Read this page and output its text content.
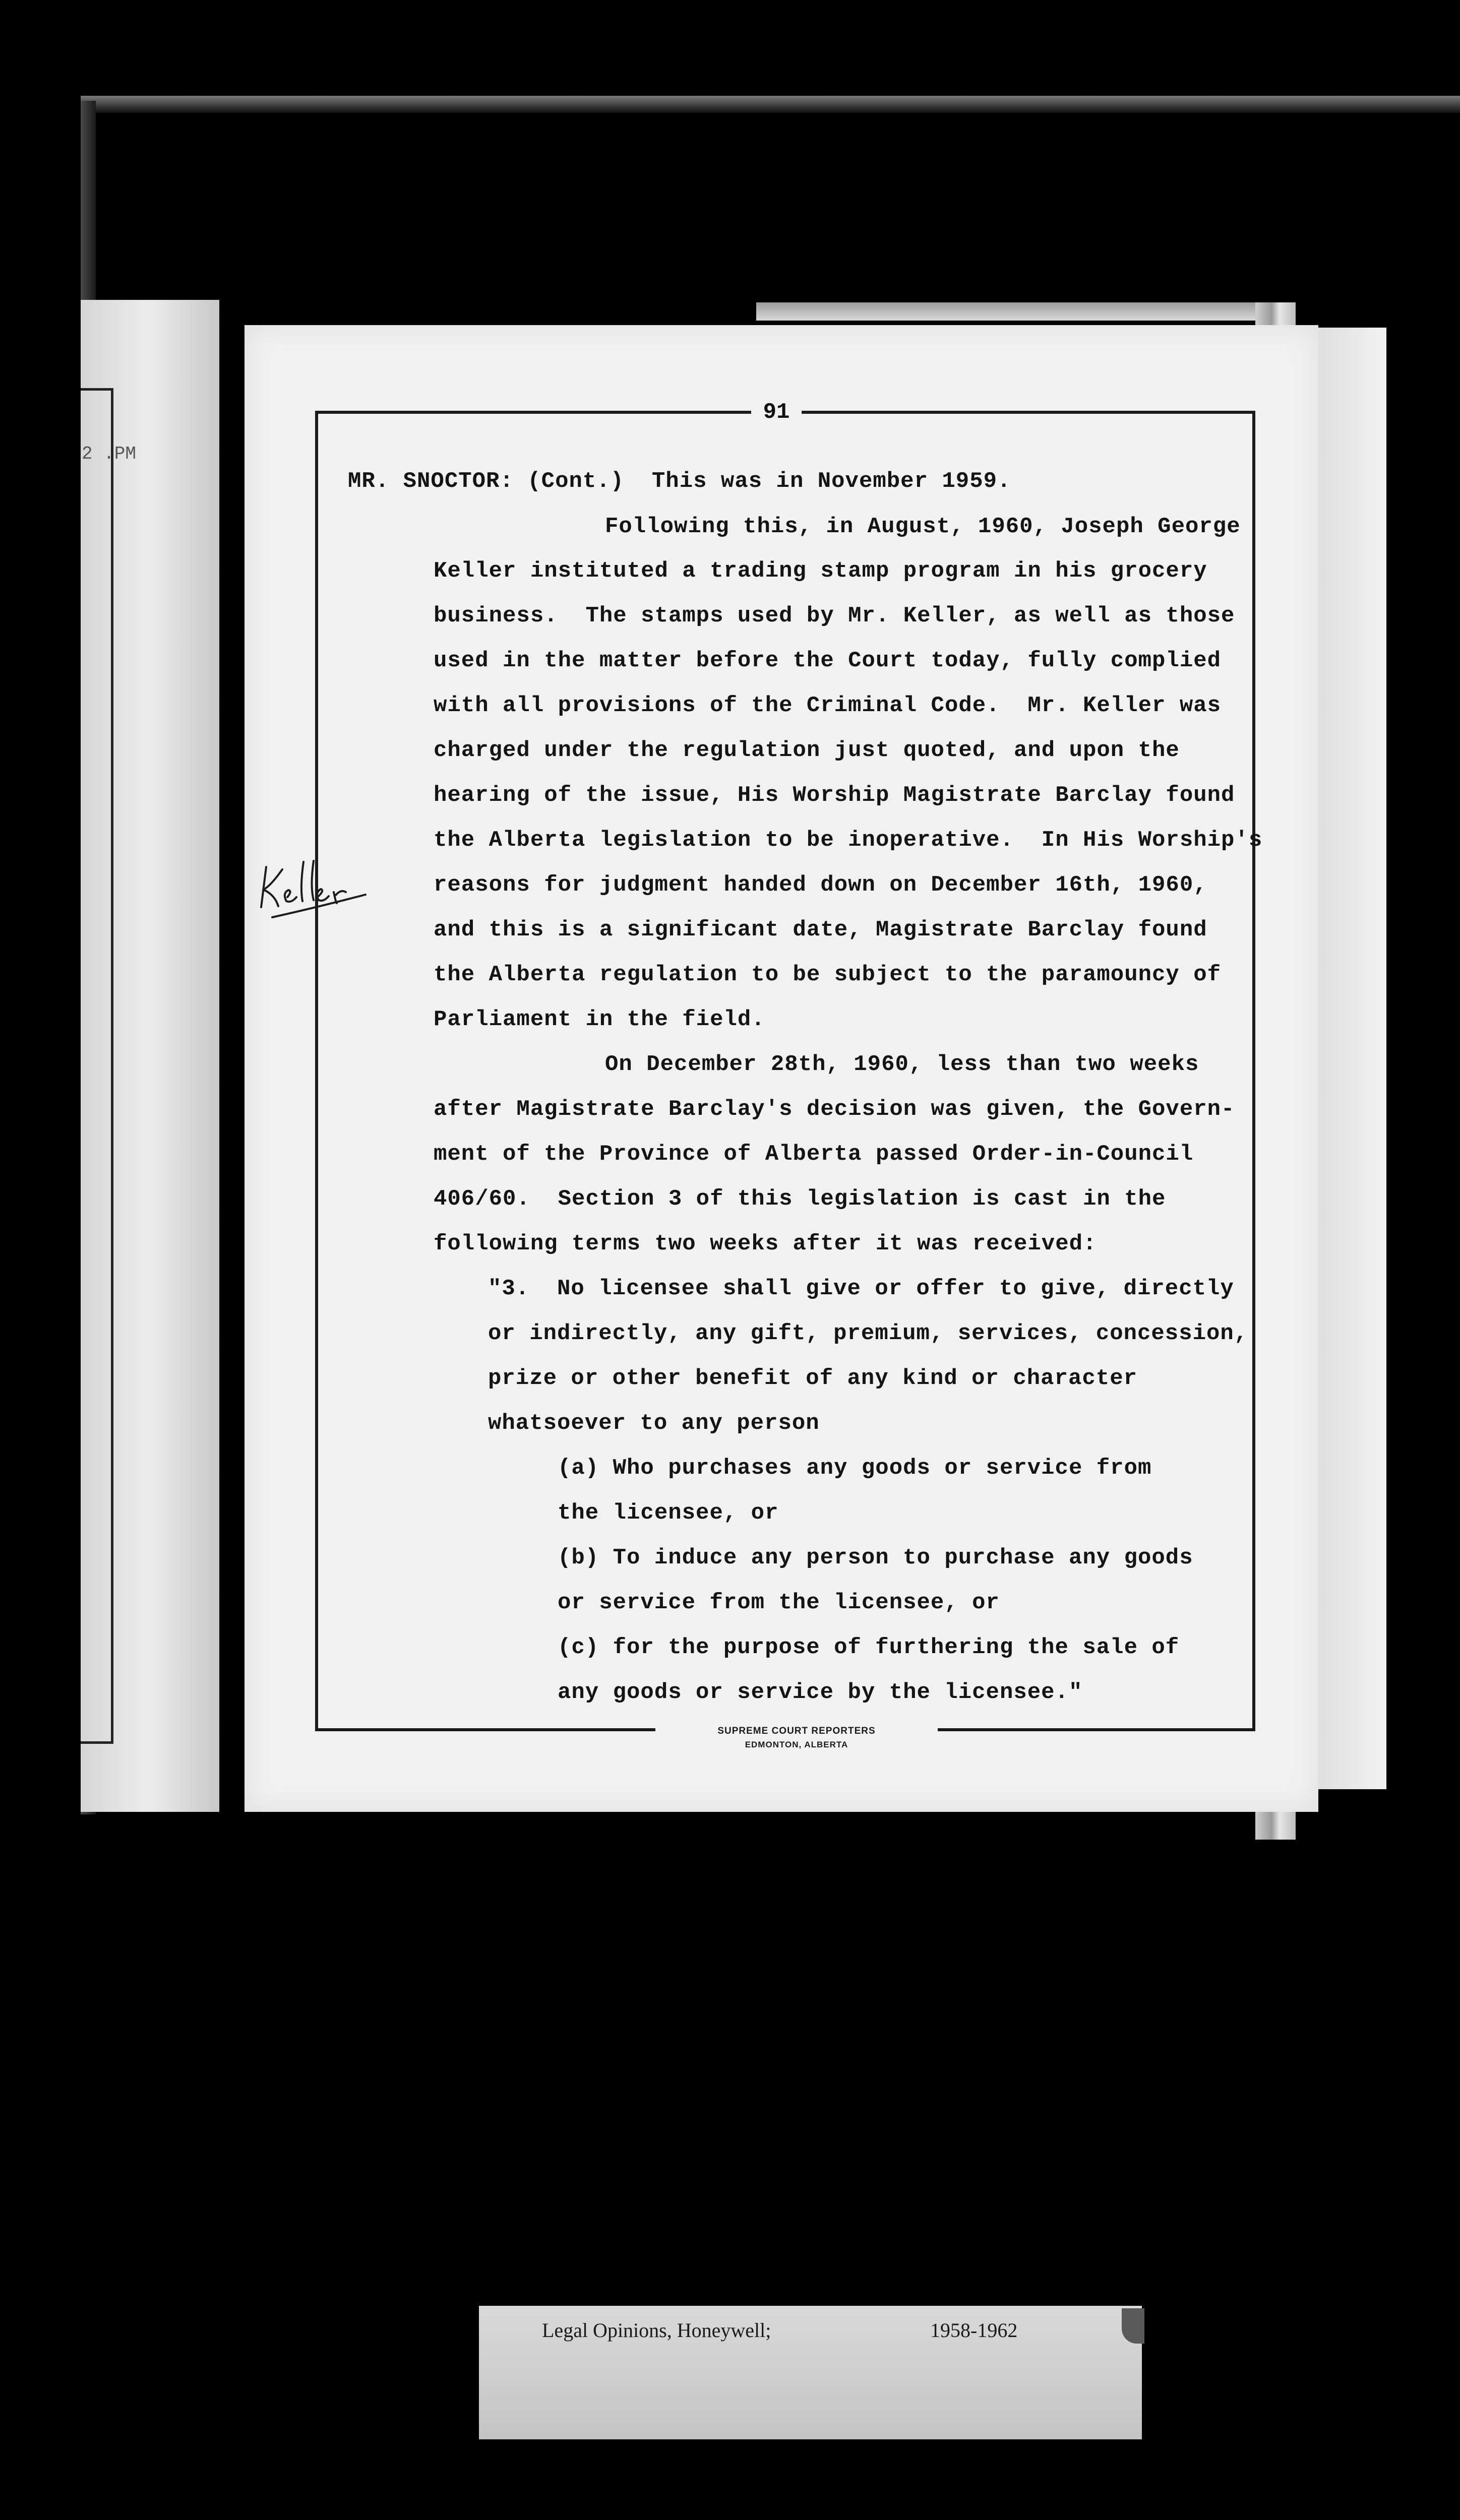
2 .PM
91
MR. SNOCTOR: (Cont.)  This was in November 1959.
Following this, in August, 1960, Joseph George
Keller instituted a trading stamp program in his grocery
business.  The stamps used by Mr. Keller, as well as those
used in the matter before the Court today, fully complied
with all provisions of the Criminal Code.  Mr. Keller was
charged under the regulation just quoted, and upon the
hearing of the issue, His Worship Magistrate Barclay found
the Alberta legislation to be inoperative.  In His Worship's
reasons for judgment handed down on December 16th, 1960,
and this is a significant date, Magistrate Barclay found
the Alberta regulation to be subject to the paramouncy of
Parliament in the field.
On December 28th, 1960, less than two weeks
after Magistrate Barclay's decision was given, the Govern-
ment of the Province of Alberta passed Order-in-Council
406/60.  Section 3 of this legislation is cast in the
following terms two weeks after it was received:
"3.  No licensee shall give or offer to give, directly
or indirectly, any gift, premium, services, concession,
prize or other benefit of any kind or character
whatsoever to any person
(a) Who purchases any goods or service from
the licensee, or
(b) To induce any person to purchase any goods
or service from the licensee, or
(c) for the purpose of furthering the sale of
any goods or service by the licensee."
SUPREME COURT REPORTERS
EDMONTON, ALBERTA
Legal Opinions, Honeywell;	1958-1962
